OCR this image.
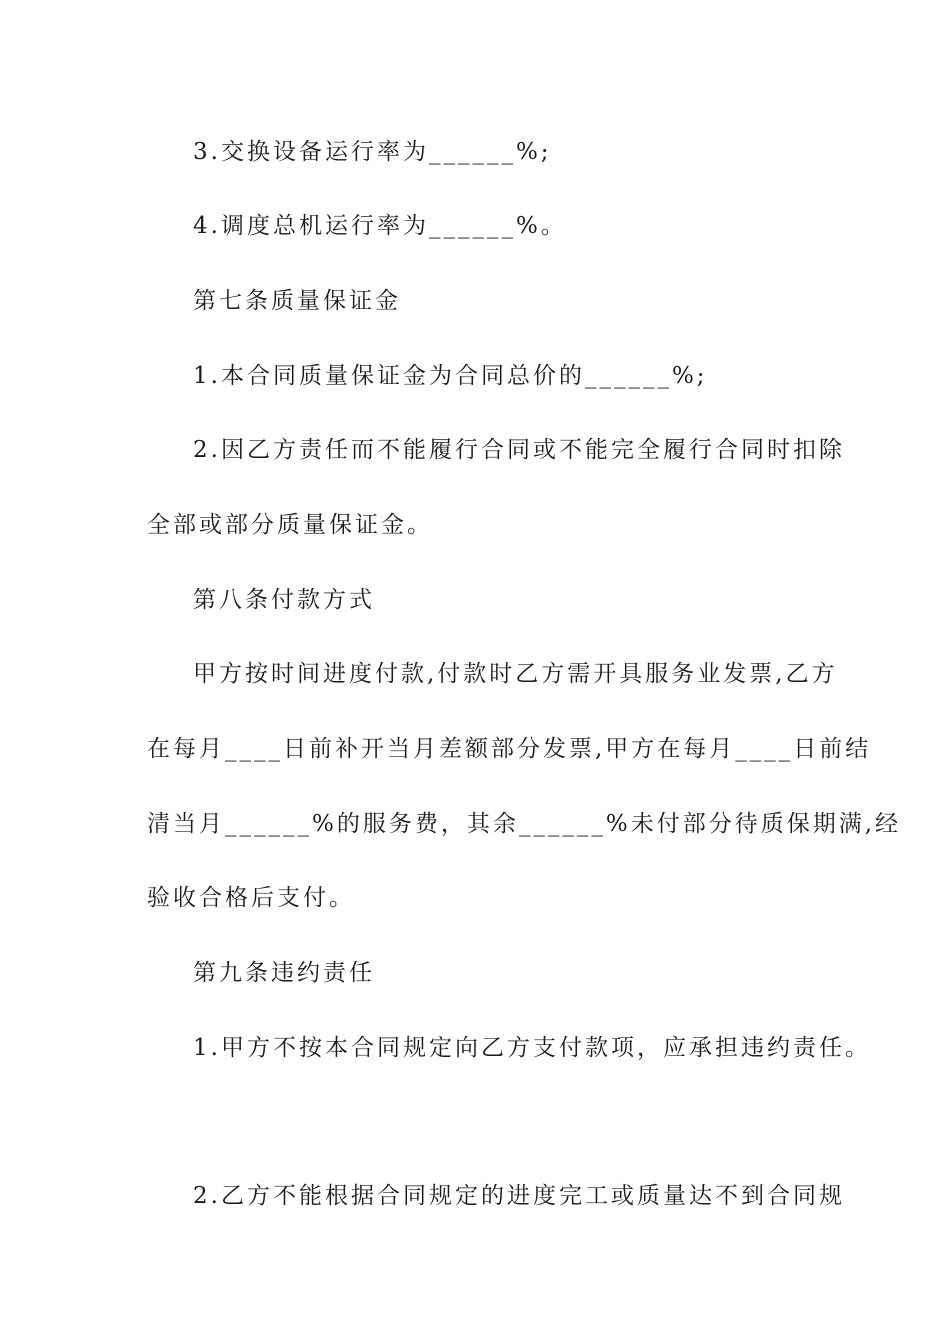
3.交换设备运行率为______%;
4.调度总机运行率为______%。
第七条质量保证金
1.本合同质量保证金为合同总价的______%;
2.因乙方责任而不能履行合同或不能完全履行合同时扣除
全部或部分质量保证金。
第八条付款方式
甲方按时间进度付款,付款时乙方需开具服务业发票,乙方
在每月____日前补开当月差额部分发票,甲方在每月____日前结
清当月______%的服务费，其余______%未付部分待质保期满,经
验收合格后支付。
第九条违约责任
1.甲方不按本合同规定向乙方支付款项，应承担违约责任。
2.乙方不能根据合同规定的进度完工或质量达不到合同规
